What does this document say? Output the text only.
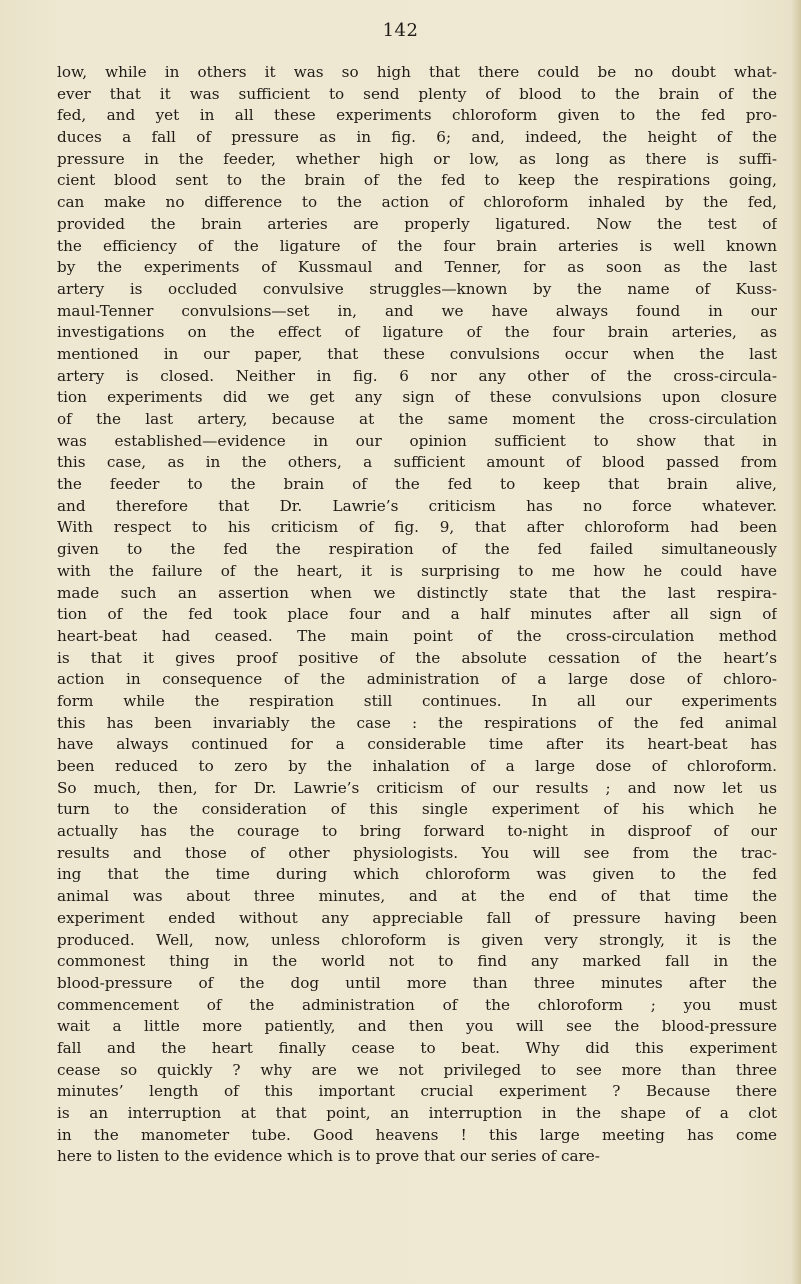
142
low, while in others it was so high that there could be no doubt what-
ever that it was sufficient to send plenty of blood to the brain of the
fed, and yet in all these experiments chloroform given to the fed pro-
duces a fall of pressure as in fig. 6; and, indeed, the height of the
pressure in the feeder, whether high or low, as long as there is suffi-
cient blood sent to the brain of the fed to keep the respirations going,
can make no difference to the action of chloroform inhaled by the fed,
provided the brain arteries are properly ligatured. Now the test of
the efficiency of the ligature of the four brain arteries is well known
by the experiments of Kussmaul and Tenner, for as soon as the last
artery is occluded convulsive struggles—known by the name of Kuss-
maul-Tenner convulsions—set in, and we have always found in our
investigations on the effect of ligature of the four brain arteries, as
mentioned in our paper, that these convulsions occur when the last
artery is closed. Neither in fig. 6 nor any other of the cross-circula-
tion experiments did we get any sign of these convulsions upon closure
of the last artery, because at the same moment the cross-circulation
was established—evidence in our opinion sufficient to show that in
this case, as in the others, a sufficient amount of blood passed from
the feeder to the brain of the fed to keep that brain alive,
and therefore that Dr. Lawrie’s criticism has no force whatever.
With respect to his criticism of fig. 9, that after chloroform had been
given to the fed the respiration of the fed failed simultaneously
with the failure of the heart, it is surprising to me how he could have
made such an assertion when we distinctly state that the last respira-
tion of the fed took place four and a half minutes after all sign of
heart-beat had ceased. The main point of the cross-circulation method
is that it gives proof positive of the absolute cessation of the heart’s
action in consequence of the administration of a large dose of chloro-
form while the respiration still continues. In all our experiments
this has been invariably the case : the respirations of the fed animal
have always continued for a considerable time after its heart-beat has
been reduced to zero by the inhalation of a large dose of chloroform.
So much, then, for Dr. Lawrie’s criticism of our results ; and now let us
turn to the consideration of this single experiment of his which he
actually has the courage to bring forward to-night in disproof of our
results and those of other physiologists. You will see from the trac-
ing that the time during which chloroform was given to the fed
animal was about three minutes, and at the end of that time the
experiment ended without any appreciable fall of pressure having been
produced. Well, now, unless chloroform is given very strongly, it is the
commonest thing in the world not to find any marked fall in the
blood-pressure of the dog until more than three minutes after the
commencement of the administration of the chloroform ; you must
wait a little more patiently, and then you will see the blood-pressure
fall and the heart finally cease to beat. Why did this experiment
cease so quickly ? why are we not privileged to see more than three
minutes’ length of this important crucial experiment ? Because there
is an interruption at that point, an interruption in the shape of a clot
in the manometer tube. Good heavens ! this large meeting has come
here to listen to the evidence which is to prove that our series of care-
